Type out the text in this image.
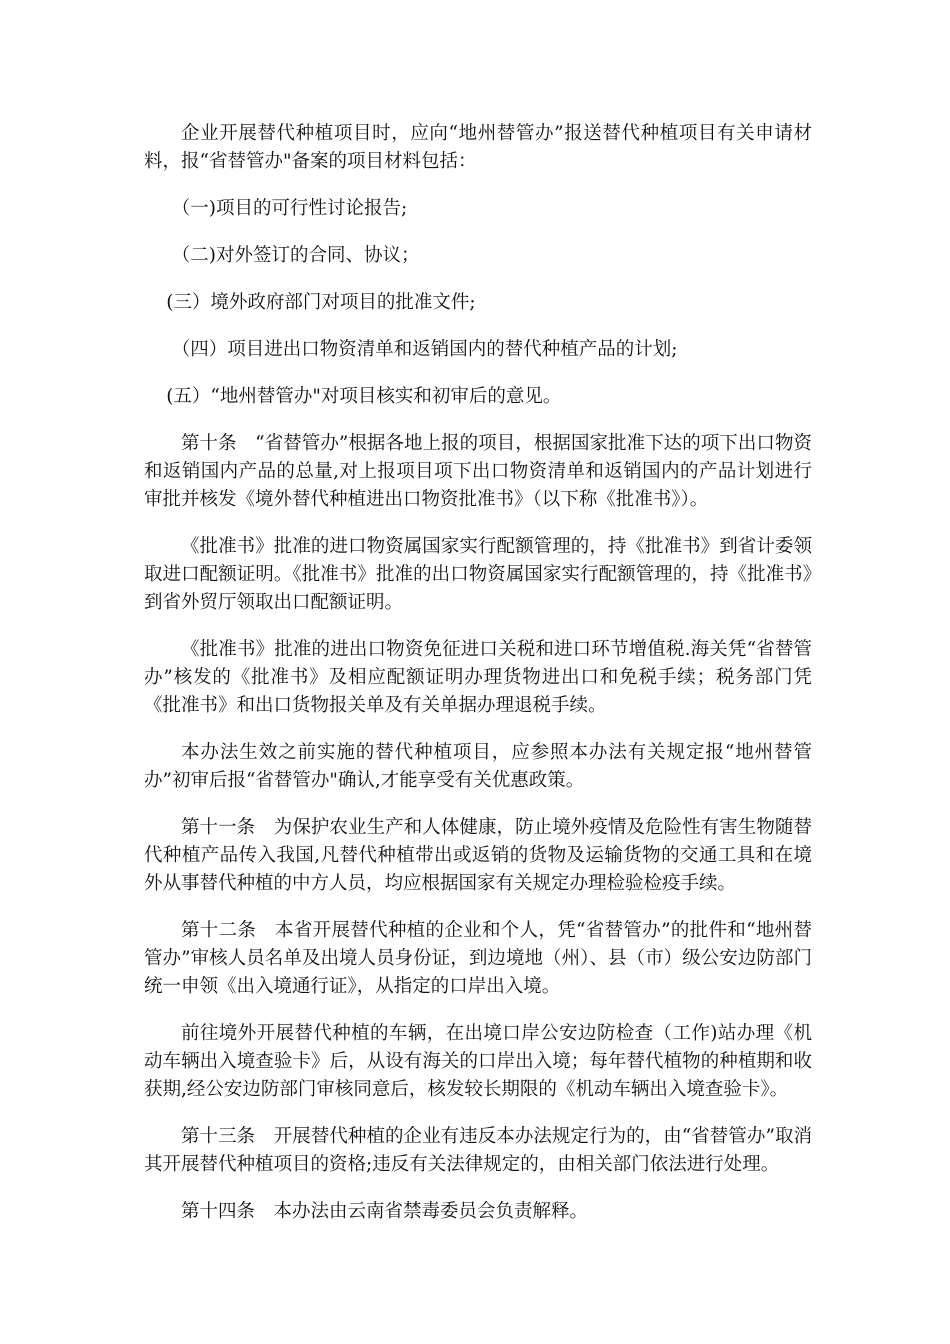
企业开展替代种植项目时，应向“地州替管办”报送替代种植项目有关申请材料，报“省替管办"备案的项目材料包括：

（一)项目的可行性讨论报告;

（二)对外签订的合同、协议；

(三）境外政府部门对项目的批准文件;

（四）项目进出口物资清单和返销国内的替代种植产品的计划;

(五）“地州替管办"对项目核实和初审后的意见。

第十条　“省替管办”根据各地上报的项目，根据国家批准下达的项下出口物资和返销国内产品的总量,对上报项目项下出口物资清单和返销国内的产品计划进行审批并核发《境外替代种植进出口物资批准书》（以下称《批准书》）。

《批准书》批准的进口物资属国家实行配额管理的，持《批准书》到省计委领取进口配额证明。《批准书》批准的出口物资属国家实行配额管理的，持《批准书》到省外贸厅领取出口配额证明。

《批准书》批准的进出口物资免征进口关税和进口环节增值税.海关凭“省替管办”核发的《批准书》及相应配额证明办理货物进出口和免税手续；税务部门凭《批准书》和出口货物报关单及有关单据办理退税手续。

本办法生效之前实施的替代种植项目，应参照本办法有关规定报“地州替管办”初审后报“省替管办"确认,才能享受有关优惠政策。

第十一条　为保护农业生产和人体健康，防止境外疫情及危险性有害生物随替代种植产品传入我国,凡替代种植带出或返销的货物及运输货物的交通工具和在境外从事替代种植的中方人员，均应根据国家有关规定办理检验检疫手续。

第十二条　本省开展替代种植的企业和个人，凭“省替管办”的批件和“地州替管办”审核人员名单及出境人员身份证，到边境地（州）、县（市）级公安边防部门统一申领《出入境通行证》，从指定的口岸出入境。

前往境外开展替代种植的车辆，在出境口岸公安边防检查（工作)站办理《机动车辆出入境查验卡》后，从设有海关的口岸出入境；每年替代植物的种植期和收获期,经公安边防部门审核同意后，核发较长期限的《机动车辆出入境查验卡》。

第十三条　开展替代种植的企业有违反本办法规定行为的，由“省替管办”取消其开展替代种植项目的资格;违反有关法律规定的，由相关部门依法进行处理。

第十四条　本办法由云南省禁毒委员会负责解释。
